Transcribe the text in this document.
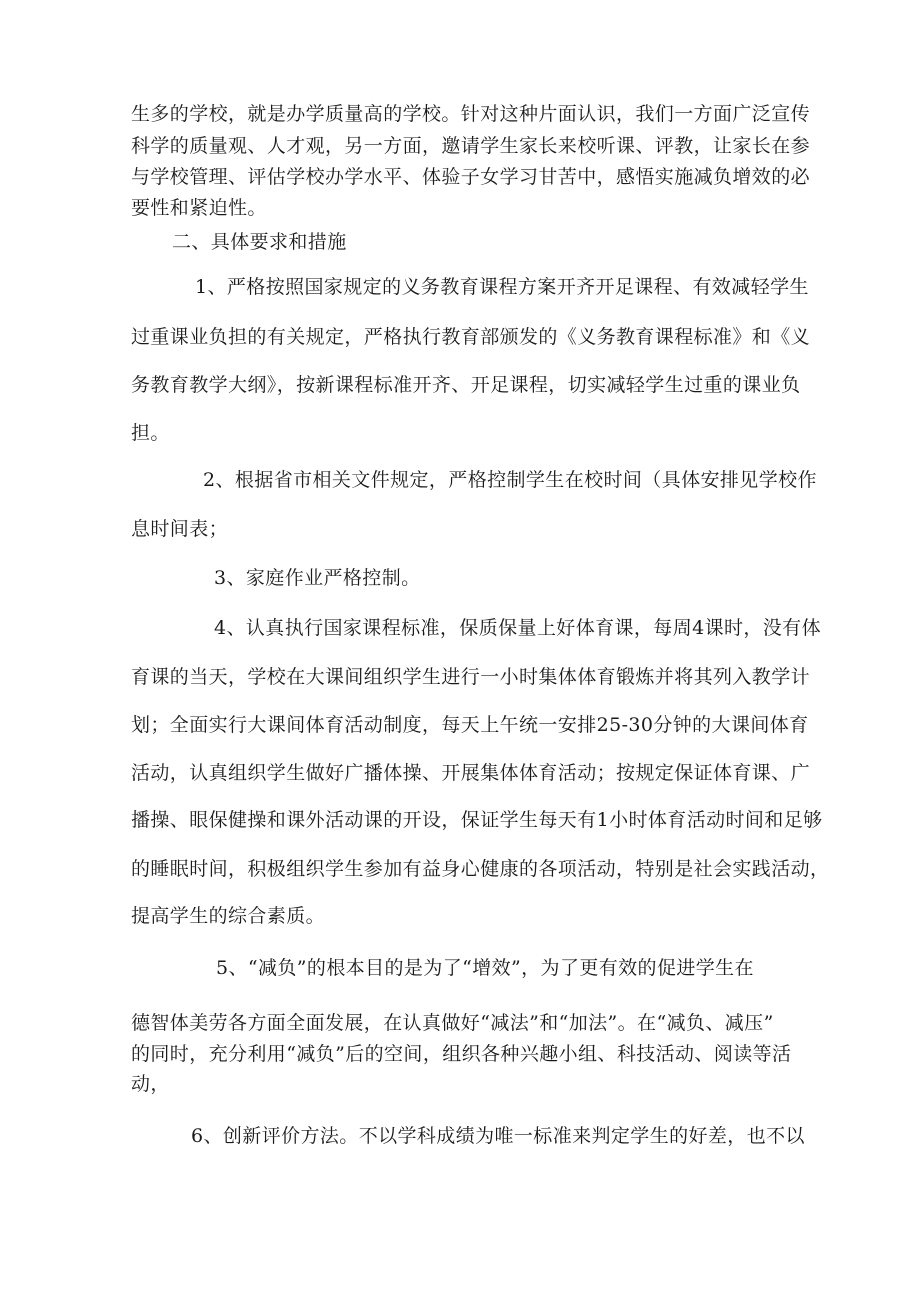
生多的学校，就是办学质量高的学校。针对这种片面认识，我们一方面广泛宣传
科学的质量观、人才观，另一方面，邀请学生家长来校听课、评教，让家长在参
与学校管理、评估学校办学水平、体验子女学习甘苦中，感悟实施减负增效的必
要性和紧迫性。
二、具体要求和措施
1、严格按照国家规定的义务教育课程方案开齐开足课程、有效减轻学生
过重课业负担的有关规定，严格执行教育部颁发的《义务教育课程标准》和《义
务教育教学大纲》，按新课程标准开齐、开足课程，切实减轻学生过重的课业负
担。
2、根据省市相关文件规定，严格控制学生在校时间（具体安排见学校作
息时间表；
3、家庭作业严格控制。
4、认真执行国家课程标准，保质保量上好体育课，每周4课时，没有体
育课的当天，学校在大课间组织学生进行一小时集体体育锻炼并将其列入教学计
划；全面实行大课间体育活动制度，每天上午统一安排25-30分钟的大课间体育
活动，认真组织学生做好广播体操、开展集体体育活动；按规定保证体育课、广
播操、眼保健操和课外活动课的开设，保证学生每天有1小时体育活动时间和足够
的睡眠时间，积极组织学生参加有益身心健康的各项活动，特别是社会实践活动，
提高学生的综合素质。
5、“减负”的根本目的是为了“增效”，为了更有效的促进学生在
德智体美劳各方面全面发展，在认真做好“减法”和“加法”。在“减负、减压”
的同时，充分利用“减负”后的空间，组织各种兴趣小组、科技活动、阅读等活
动，
6、创新评价方法。不以学科成绩为唯一标准来判定学生的好差，也不以
